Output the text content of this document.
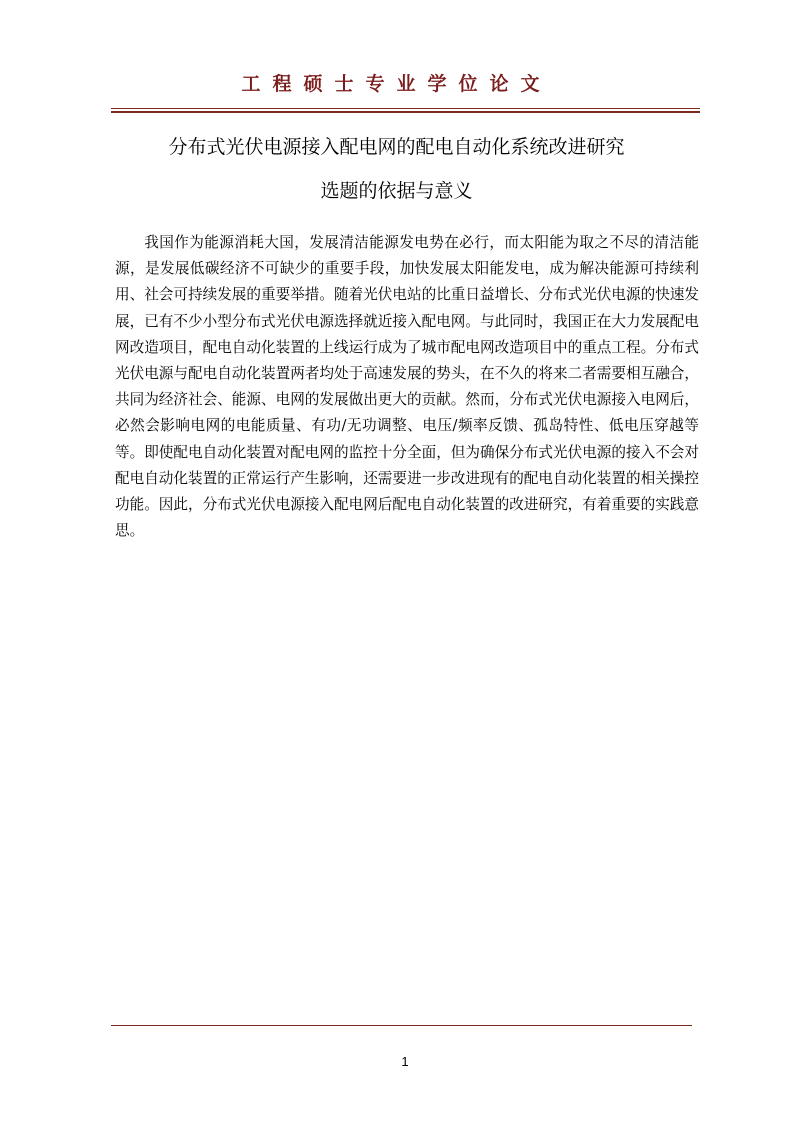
工程硕士专业学位论文
分布式光伏电源接入配电网的配电自动化系统改进研究
选题的依据与意义

我国作为能源消耗大国，发展清洁能源发电势在必行，而太阳能为取之不尽的清洁能源，是发展低碳经济不可缺少的重要手段，加快发展太阳能发电，成为解决能源可持续利用、社会可持续发展的重要举措。随着光伏电站的比重日益增长、分布式光伏电源的快速发展，已有不少小型分布式光伏电源选择就近接入配电网。与此同时，我国正在大力发展配电网改造项目，配电自动化装置的上线运行成为了城市配电网改造项目中的重点工程。分布式光伏电源与配电自动化装置两者均处于高速发展的势头，在不久的将来二者需要相互融合，共同为经济社会、能源、电网的发展做出更大的贡献。然而，分布式光伏电源接入电网后，必然会影响电网的电能质量、有功/无功调整、电压/频率反馈、孤岛特性、低电压穿越等等。即使配电自动化装置对配电网的监控十分全面，但为确保分布式光伏电源的接入不会对配电自动化装置的正常运行产生影响，还需要进一步改进现有的配电自动化装置的相关操控功能。因此，分布式光伏电源接入配电网后配电自动化装置的改进研究，有着重要的实践意思。

1
